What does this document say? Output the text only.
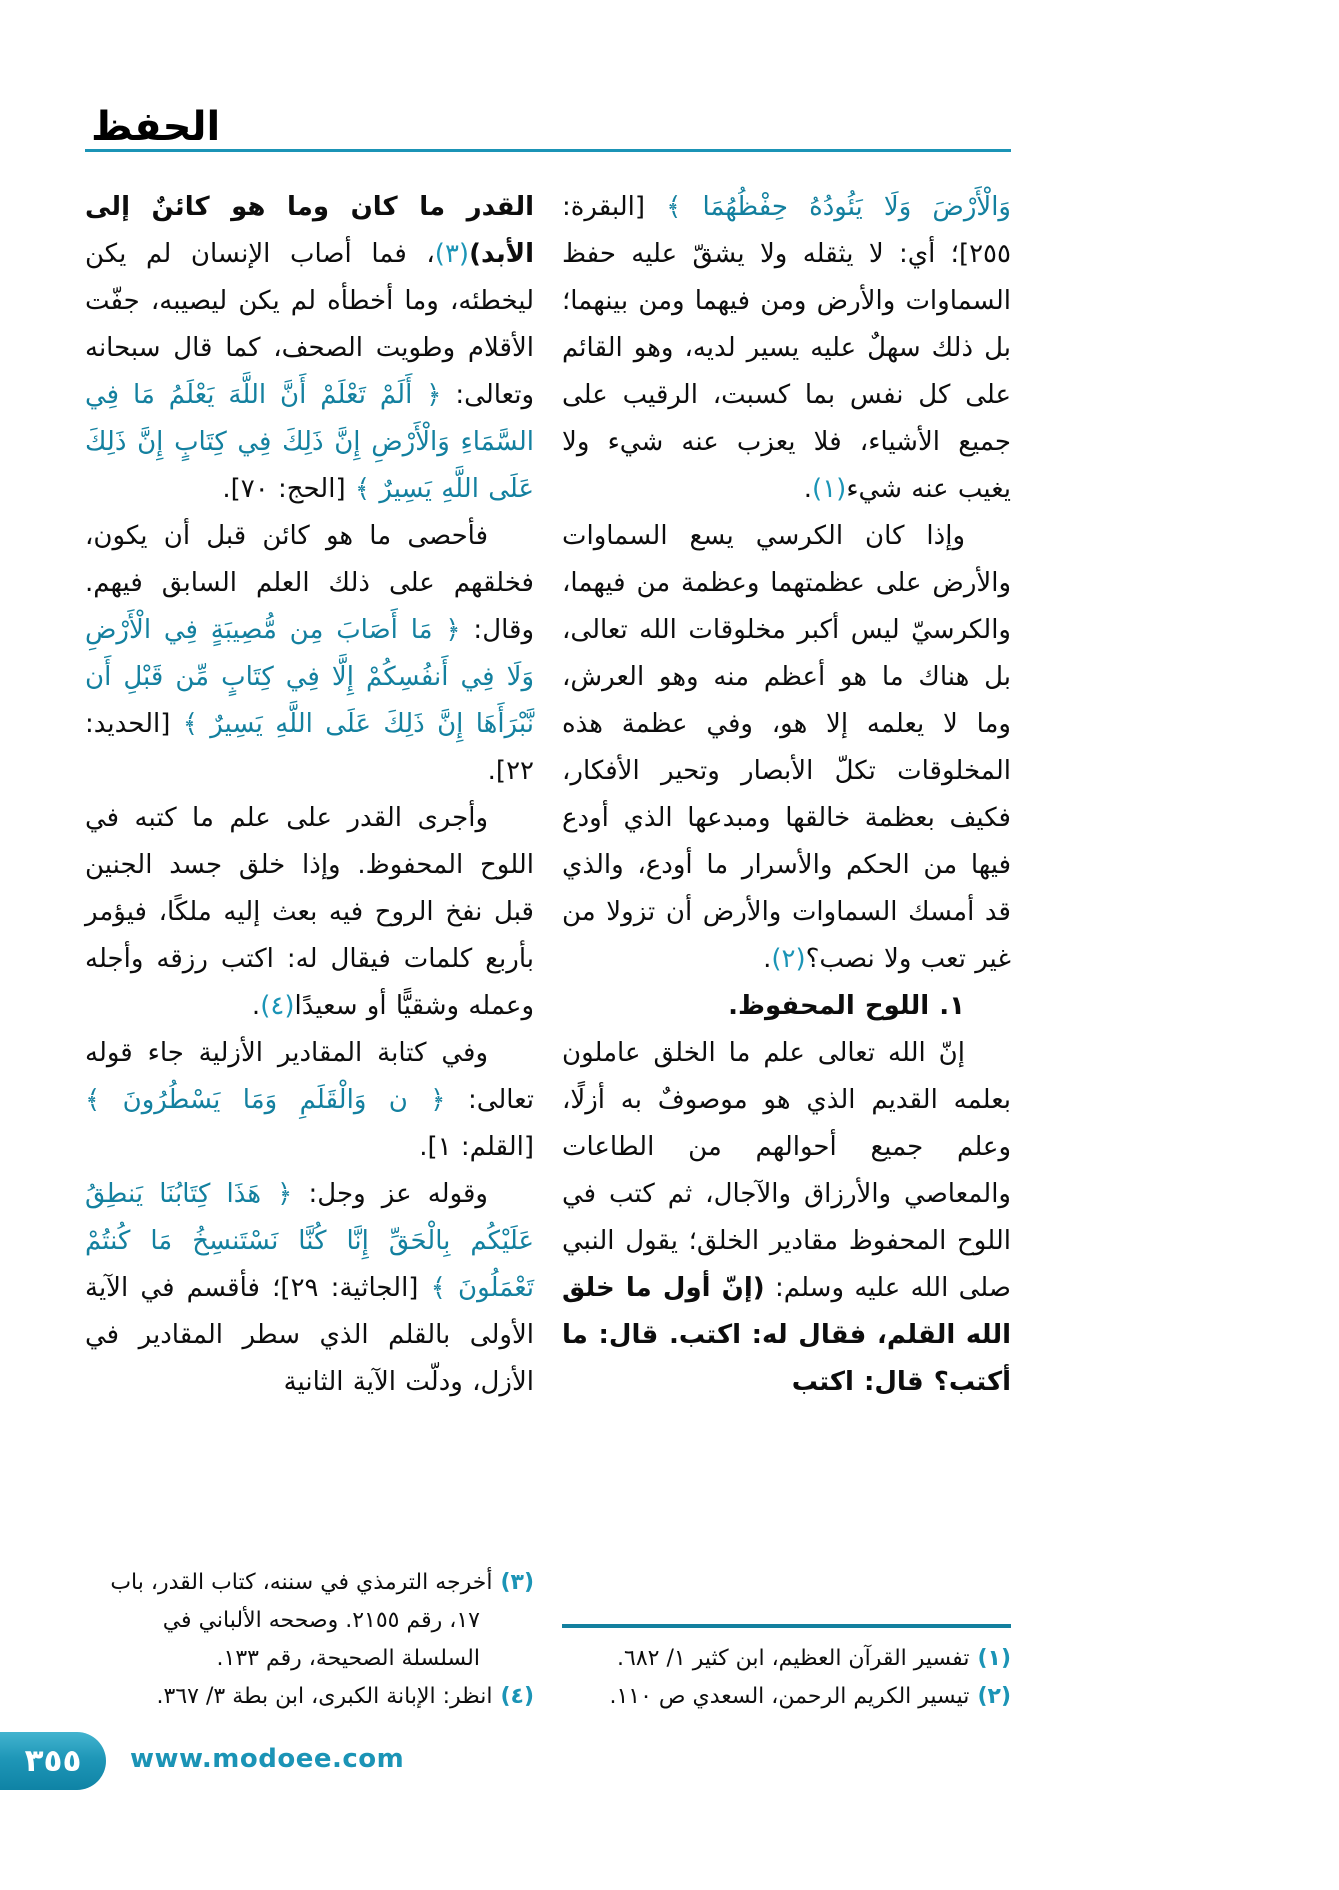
الحفظ

وَالْأَرْضَ وَلَا يَئُودُهُ حِفْظُهُمَا ﴾ [البقرة: ٢٥٥]؛ أي: لا يثقله ولا يشقّ عليه حفظ السماوات والأرض ومن فيهما ومن بينهما؛ بل ذلك سهلٌ عليه يسير لديه، وهو القائم على كل نفس بما كسبت، الرقيب على جميع الأشياء، فلا يعزب عنه شيء ولا يغيب عنه شيء(١).

وإذا كان الكرسي يسع السماوات والأرض على عظمتهما وعظمة من فيهما، والكرسيّ ليس أكبر مخلوقات الله تعالى، بل هناك ما هو أعظم منه وهو العرش، وما لا يعلمه إلا هو، وفي عظمة هذه المخلوقات تكلّ الأبصار وتحير الأفكار، فكيف بعظمة خالقها ومبدعها الذي أودع فيها من الحكم والأسرار ما أودع، والذي قد أمسك السماوات والأرض أن تزولا من غير تعب ولا نصب؟(٢).

١. اللوح المحفوظ.

إنّ الله تعالى علم ما الخلق عاملون بعلمه القديم الذي هو موصوفٌ به أزلًا، وعلم جميع أحوالهم من الطاعات والمعاصي والأرزاق والآجال، ثم كتب في اللوح المحفوظ مقادير الخلق؛ يقول النبي صلى الله عليه وسلم: (إنّ أول ما خلق الله القلم، فقال له: اكتب. قال: ما أكتب؟ قال: اكتب

(١)تفسير القرآن العظيم، ابن كثير ١/ ٦٨٢.
(٢)تيسير الكريم الرحمن، السعدي ص ١١٠.

القدر ما كان وما هو كائنٌ إلى الأبد)(٣)، فما أصاب الإنسان لم يكن ليخطئه، وما أخطأه لم يكن ليصيبه، جفّت الأقلام وطويت الصحف، كما قال سبحانه وتعالى: ﴿ أَلَمْ تَعْلَمْ أَنَّ اللَّهَ يَعْلَمُ مَا فِي السَّمَاءِ وَالْأَرْضِ إِنَّ ذَلِكَ فِي كِتَابٍ إِنَّ ذَلِكَ عَلَى اللَّهِ يَسِيرٌ ﴾ [الحج: ٧٠].

فأحصى ما هو كائن قبل أن يكون، فخلقهم على ذلك العلم السابق فيهم. وقال: ﴿ مَا أَصَابَ مِن مُّصِيبَةٍ فِي الْأَرْضِ وَلَا فِي أَنفُسِكُمْ إِلَّا فِي كِتَابٍ مِّن قَبْلِ أَن نَّبْرَأَهَا إِنَّ ذَلِكَ عَلَى اللَّهِ يَسِيرٌ ﴾ [الحديد: ٢٢].

وأجرى القدر على علم ما كتبه في اللوح المحفوظ. وإذا خلق جسد الجنين قبل نفخ الروح فيه بعث إليه ملكًا، فيؤمر بأربع كلمات فيقال له: اكتب رزقه وأجله وعمله وشقيًّا أو سعيدًا(٤).

وفي كتابة المقادير الأزلية جاء قوله تعالى: ﴿ ن وَالْقَلَمِ وَمَا يَسْطُرُونَ ﴾ [القلم: ١].

وقوله عز وجل: ﴿ هَذَا كِتَابُنَا يَنطِقُ عَلَيْكُم بِالْحَقِّ إِنَّا كُنَّا نَسْتَنسِخُ مَا كُنتُمْ تَعْمَلُونَ ﴾ [الجاثية: ٢٩]؛ فأقسم في الآية الأولى بالقلم الذي سطر المقادير في الأزل، ودلّت الآية الثانية

(٣)أخرجه الترمذي في سننه، كتاب القدر، باب ١٧، رقم ٢١٥٥. وصححه الألباني في السلسلة الصحيحة، رقم ١٣٣.
(٤)انظر: الإبانة الكبرى، ابن بطة ٣/ ٣٦٧.
٣٥٥ www.modoee.com
